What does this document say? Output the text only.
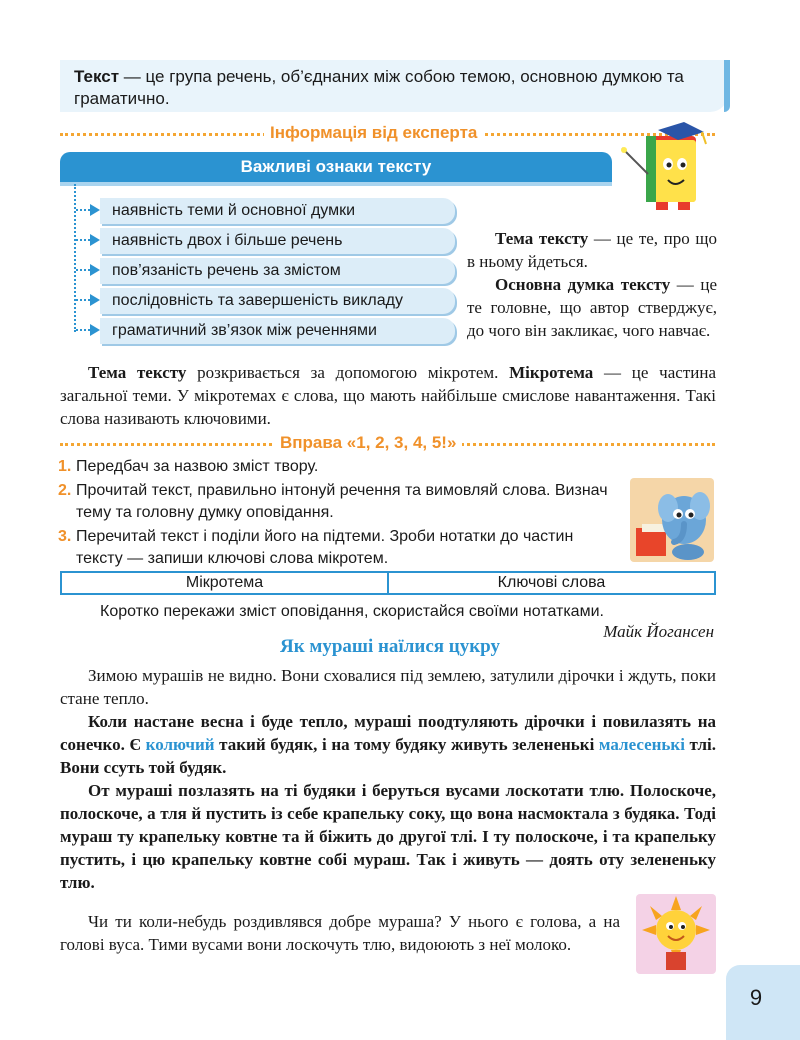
Текст — це група речень, об’єднаних між собою темою, основною думкою та граматично.

Інформація від експерта
Важливі ознаки тексту
наявність теми й основної думки
наявність двох і більше речень
пов’язаність речень за змістом
послідовність та завершеність викладу
граматичний зв’язок між реченнями

Тема тексту — це те, про що в ньому йдеться.

Основна думка тексту — це те головне, що автор стверджує, до чого він закликає, чого навчає.

Тема тексту розкривається за допомогою мікротем. Мікротема — це частина загальної теми. У мікротемах є слова, що мають найбільше смислове навантаження. Такі слова називають ключовими.

Вправа «1, 2, 3, 4, 5!»
1. Передбач за назвою зміст твору.
2. Прочитай текст, правильно інтонуй речення та вимовляй слова. Визнач тему та головну думку оповідання.
3. Перечитай текст і поділи його на підтеми. Зроби нотатки до частин тексту — запиши ключові слова мікротем.
Мікротема	Ключові слова

Коротко перекажи зміст оповідання, скористайся своїми нотатками.

Майк Йогансен

Як мураші наїлися цукру

Зимою мурашів не видно. Вони сховалися під землею, затулили дірочки і ждуть, поки стане тепло.

Коли настане весна і буде тепло, мураші поодтуляють дірочки і повилазять на сонечко. Є колючий такий будяк, і на тому будяку живуть зелененькі малесенькі тлі. Вони ссуть той будяк.

От мураші позлазять на ті будяки і беруться вусами лоскотати тлю. Полоскоче, полоскоче, а тля й пустить із себе крапельку соку, що вона насмоктала з будяка. Тоді мураш ту крапельку ковтне та й біжить до другої тлі. І ту полоскоче, і та крапельку пустить, і цю крапельку ковтне собі мураш. Так і живуть — доять оту зелененьку тлю.

Чи ти коли-небудь роздивлявся добре мураша? У нього є голова, а на голові вуса. Тими вусами вони лоскочуть тлю, видоюють з неї молоко.

9
